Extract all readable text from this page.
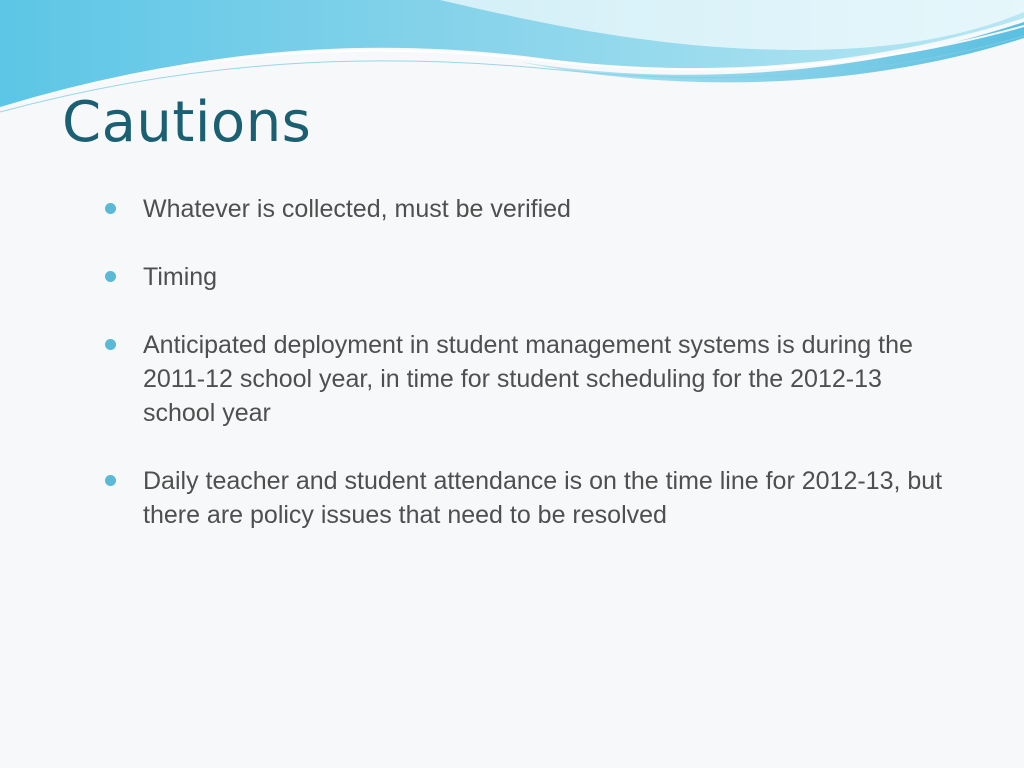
Cautions
Whatever is collected, must be verified
Timing
Anticipated deployment in student management systems is during the 2011-12 school year, in time for student scheduling for the 2012-13 school year
Daily teacher and student attendance is on the time line for 2012-13, but there are policy issues that need to be resolved
